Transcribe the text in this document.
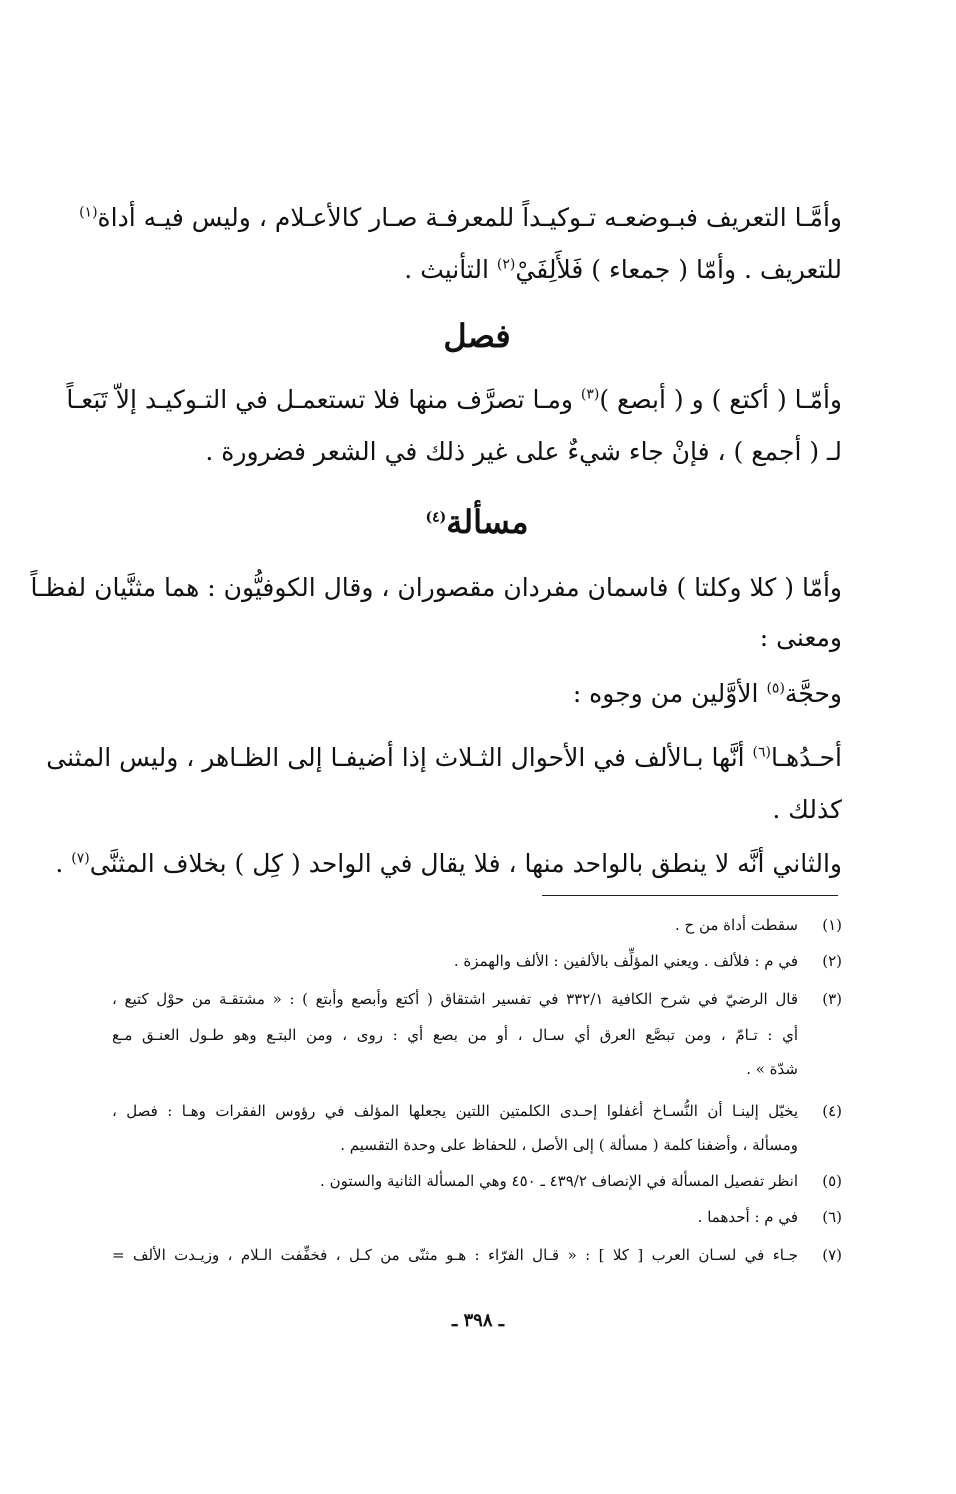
وأمَّـا التعريف فبـوضعـه تـوكيـداً للمعرفـة صـار كالأعـلام ، وليس فيـه أداة$^{(١)}$
للتعريف . وأمّا ( جمعاء ) فَلأَلِفَيْ$^{(٢)}$ التأنيث .
فصل
وأمّـا ( أكتع ) و ( أبصع )$^{(٣)}$ ومـا تصرَّف منها فلا تستعمـل في التـوكيـد إلاّ تَبَعـاً
لـ ( أجمع ) ، فإنْ جاء شيءٌ على غير ذلك في الشعر فضرورة .
مسألة$^{(٤)}$
وأمّا ( كلا وكلتا ) فاسمان مفردان مقصوران ، وقال الكوفيُّون : هما مثنَّيان لفظـاً
ومعنى :
وحجَّة$^{(٥)}$ الأوَّلين من وجوه :
أحـدُهـا$^{(٦)}$ أنَّها بـالألف في الأحوال الثـلاث إذا أضيفـا إلى الظـاهر ، وليس المثنى
كذلك .
والثاني أنَّه لا ينطق بالواحد منها ، فلا يقال في الواحد ( كِل ) بخلاف المثنَّى$^{(٧)}$ .
(١)
سقطت أداة من ح .
(٢)
في م : فلألف . ويعني المؤلِّف بالألفين : الألف والهمزة .
(٣)
قال الرضيّ في شرح الكافية ٣٣٢/١ في تفسير اشتقاق ( أكتع وأبصع وأبتع ) : « مشتقـة من حوْل كتيع ،
أي : تـامّ ، ومن تبصَّع العرق أي سـال ، أو من بصع أي : روى ، ومن البتـع وهو طـول العنـق مـع
شدّة » .
(٤)
يخيّل إلينـا أن النُّسـاخ أغفلوا إحـدى الكلمتين اللتين يجعلها المؤلف في رؤوس الفقرات وهـا : فصل ،
ومسألة ، وأضفنا كلمة ( مسألة ) إلى الأصل ، للحفاظ على وحدة التقسيم .
(٥)
انظر تفصيل المسألة في الإنصاف ٤٣٩/٢ ـ ٤٥٠ وهي المسألة الثانية والستون .
(٦)
في م : أحدهما .
(٧)
جـاء في لسـان العرب [ كلا ] : « قـال الفرّاء : هـو مثنّى من كـل ، فخفِّفت الـلام ، وزيـدت الألف =
ـ ٣٩٨ ـ
